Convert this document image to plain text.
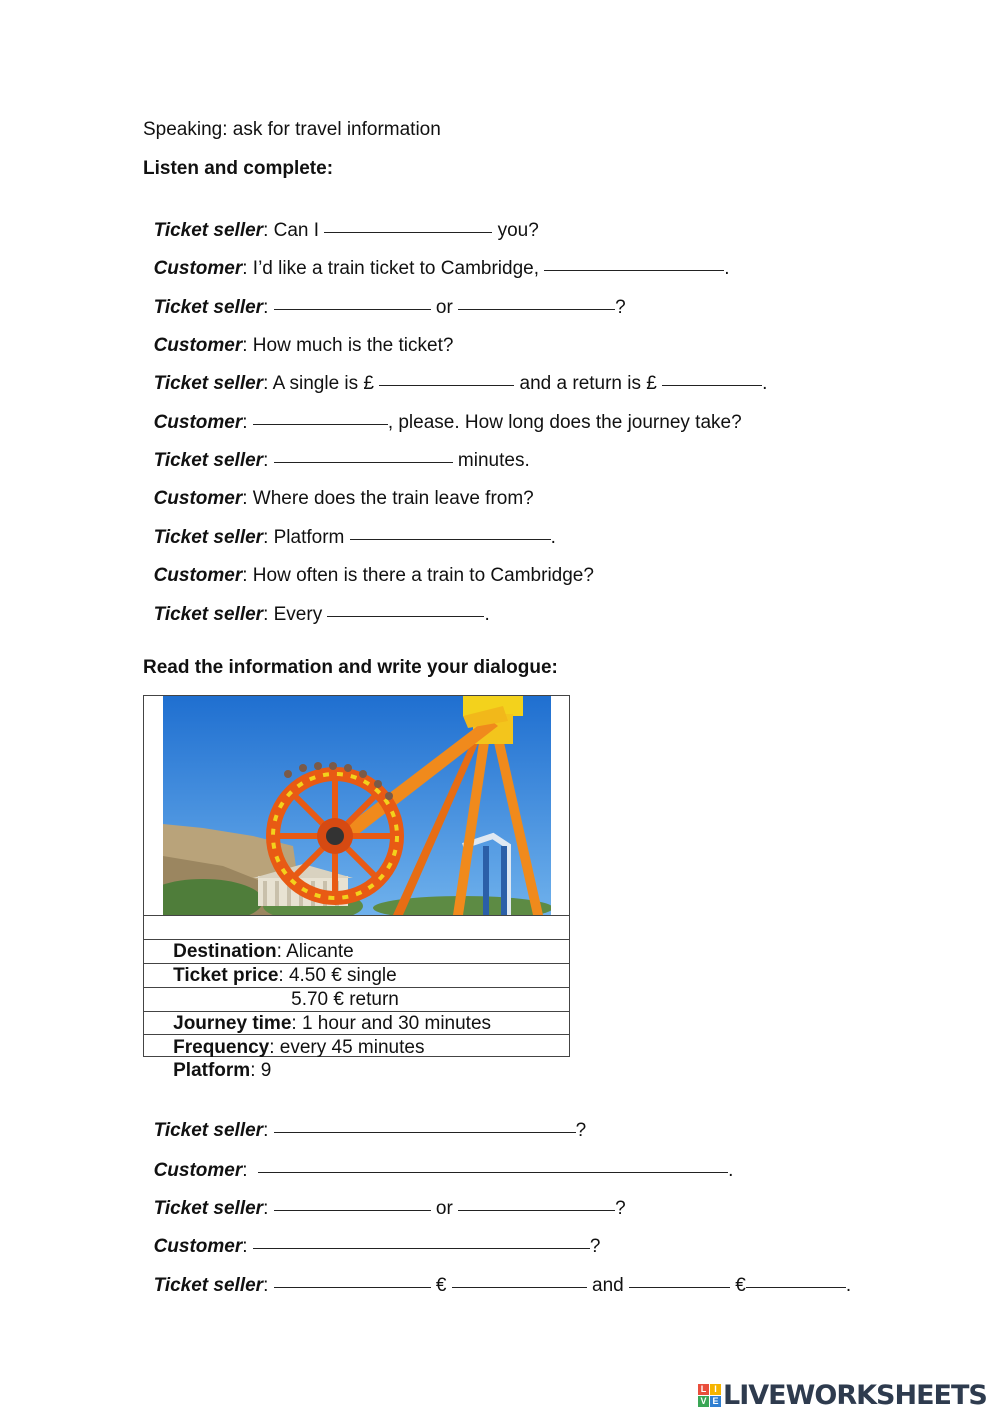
Speaking: ask for travel information
Listen and complete:

Ticket seller: Can I	you?

Customer: I’d like a train ticket to Cambridge,	.

Ticket seller:	or	?

Customer: How much is the ticket?

Ticket seller: A single is £	and a return is £	.

Customer:	, please. How long does the journey take?

Ticket seller:	minutes.

Customer: Where does the train leave from?

Ticket seller: Platform	.

Customer: How often is there a train to Cambridge?

Ticket seller: Every	.

Read the information and write your dialogue:

Destination: Alicante

Ticket price: 4.50 € single

5.70 € return

Journey time: 1 hour and 30 minutes

Frequency: every 45 minutes

Platform: 9

Ticket seller:	?

Customer:	.

Ticket seller:	or	?

Customer:	?

Ticket seller:	€	and	€	.

L I
V E LIVEWORKSHEETS
